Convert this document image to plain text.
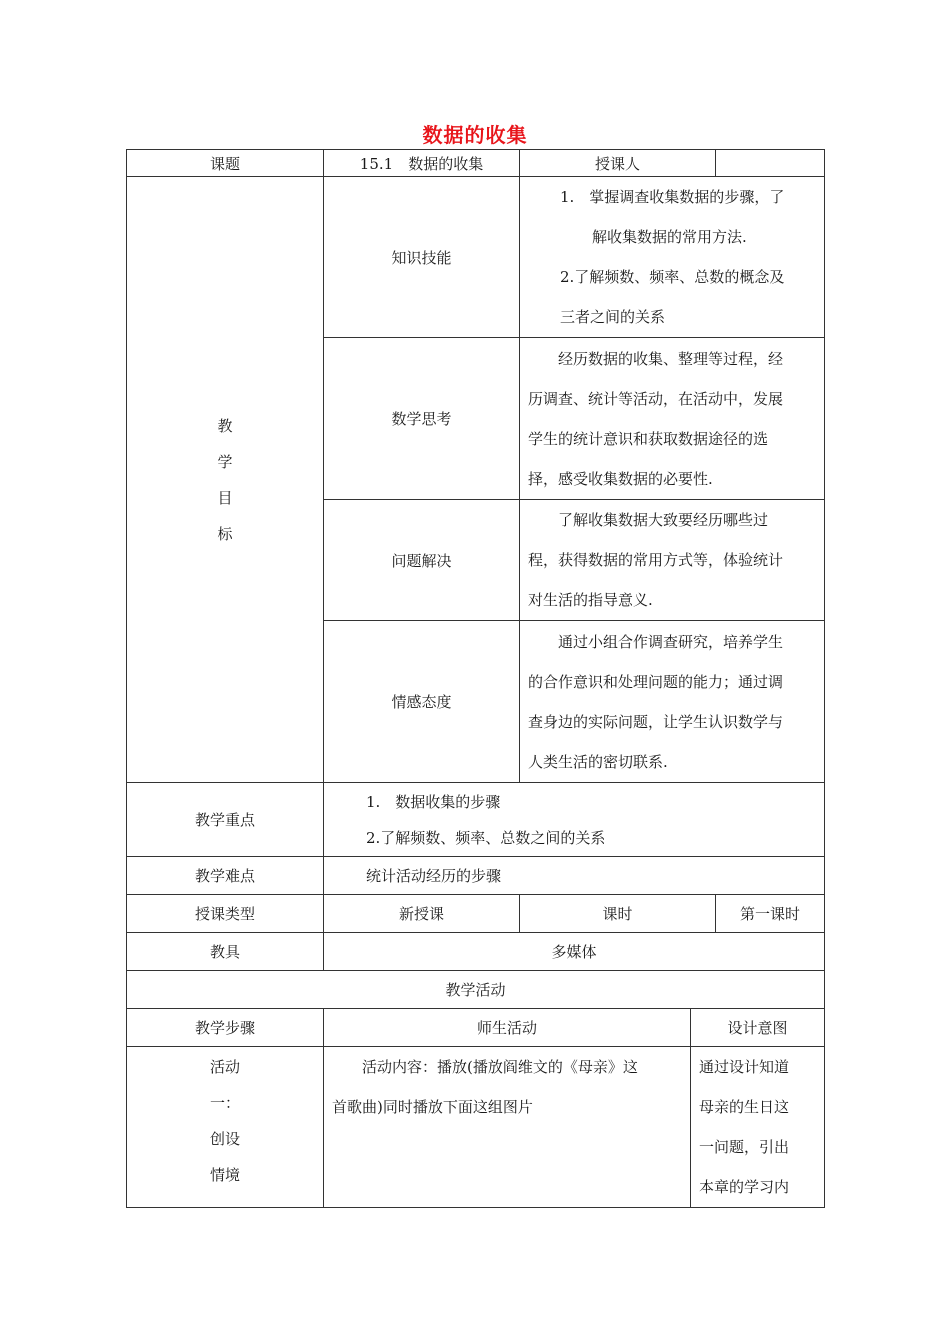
数据的收集
课题	15.1　数据的收集	授课人		

教
学
目
标	知识技能	1.　掌握调查收集数据的步骤，了
解收集数据的常用方法.
2.了解频数、频率、总数的概念及
三者之间的关系		

	数学思考	经历数据的收集、整理等过程，经
历调查、统计等活动，在活动中，发展
学生的统计意识和获取数据途径的选
择，感受收集数据的必要性.		

	问题解决	了解收集数据大致要经历哪些过
程，获得数据的常用方式等，体验统计
对生活的指导意义.		

	情感态度	通过小组合作调查研究，培养学生
的合作意识和处理问题的能力；通过调
查身边的实际问题，让学生认识数学与
人类生活的密切联系.		

教学重点	1.　数据收集的步骤
2.了解频数、频率、总数之间的关系			

教学难点	统计活动经历的步骤			
授课类型	新授课	课时		第一课时
教具	多媒体			
教学活动				
教学步骤	师生活动		设计意图	

活动
一：
创设
情境	活动内容：播放(播放阎维文的《母亲》这
首歌曲)同时播放下面这组图片		通过设计知道
母亲的生日这
一问题，引出
本章的学习内	
